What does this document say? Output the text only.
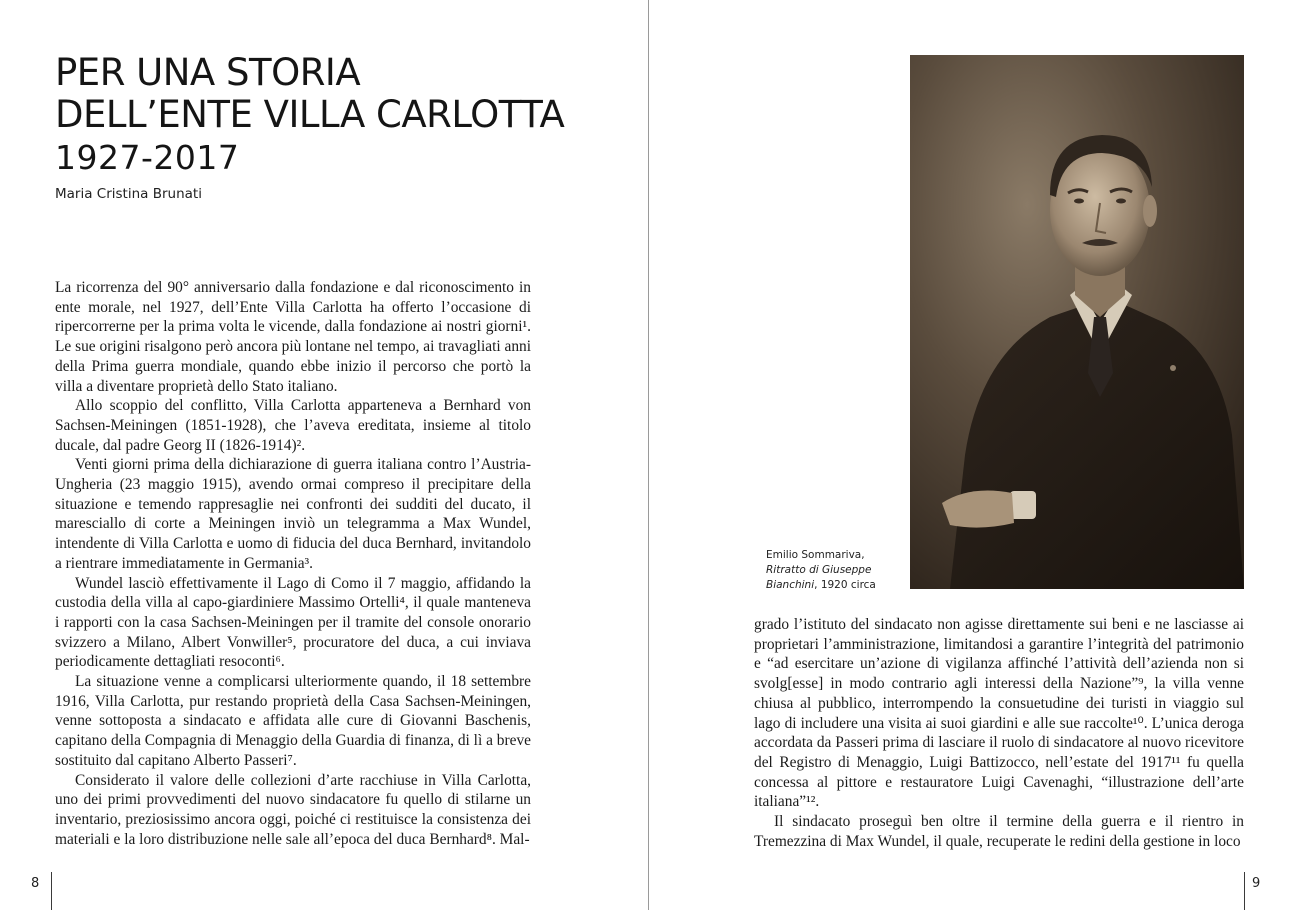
PER UNA STORIA
DELL’ENTE VILLA CARLOTTA
1927-2017
Maria Cristina Brunati

La ricorrenza del 90° anniversario dalla fondazione e dal riconoscimento in ente morale, nel 1927, dell’Ente Villa Carlotta ha offerto l’occasione di ripercorrerne per la prima volta le vicende, dalla fondazione ai nostri giorni¹. Le sue origini risalgono però ancora più lontane nel tempo, ai travagliati anni della Prima guerra mondiale, quando ebbe inizio il percorso che portò la villa a diventare proprietà dello Stato italiano.

Allo scoppio del conflitto, Villa Carlotta apparteneva a Bernhard von Sachsen-Meiningen (1851-1928), che l’aveva ereditata, insieme al titolo ducale, dal padre Georg II (1826-1914)².

Venti giorni prima della dichiarazione di guerra italiana contro l’Austria-Ungheria (23 maggio 1915), avendo ormai compreso il precipitare della situazione e temendo rappresaglie nei confronti dei sudditi del ducato, il maresciallo di corte a Meiningen inviò un telegramma a Max Wundel, intendente di Villa Carlotta e uomo di fiducia del duca Bernhard, invitandolo a rientrare immediatamente in Germania³.

Wundel lasciò effettivamente il Lago di Como il 7 maggio, affidando la custodia della villa al capo-giardiniere Massimo Ortelli⁴, il quale manteneva i rapporti con la casa Sachsen-Meiningen per il tramite del console onorario svizzero a Milano, Albert Vonwiller⁵, procuratore del duca, a cui inviava periodicamente dettagliati resoconti⁶.

La situazione venne a complicarsi ulteriormente quando, il 18 settembre 1916, Villa Carlotta, pur restando proprietà della Casa Sachsen-Meiningen, venne sottoposta a sindacato e affidata alle cure di Giovanni Baschenis, capitano della Compagnia di Menaggio della Guardia di finanza, di lì a breve sostituito dal capitano Alberto Passeri⁷.

Considerato il valore delle collezioni d’arte racchiuse in Villa Carlotta, uno dei primi provvedimenti del nuovo sindacatore fu quello di stilarne un inventario, preziosissimo ancora oggi, poiché ci restituisce la consistenza dei materiali e la loro distribuzione nelle sale all’epoca del duca Bernhard⁸. Mal-

8
Emilio Sommariva,
Ritratto di Giuseppe Bianchini, 1920 circa

grado l’istituto del sindacato non agisse direttamente sui beni e ne lasciasse ai proprietari l’amministrazione, limitandosi a garantire l’integrità del patrimonio e “ad esercitare un’azione di vigilanza affinché l’attività dell’azienda non si svolg[esse] in modo contrario agli interessi della Nazione”⁹, la villa venne chiusa al pubblico, interrompendo la consuetudine dei turisti in viaggio sul lago di includere una visita ai suoi giardini e alle sue raccolte¹⁰. L’unica deroga accordata da Passeri prima di lasciare il ruolo di sindacatore al nuovo ricevitore del Registro di Menaggio, Luigi Battizocco, nell’estate del 1917¹¹ fu quella concessa al pittore e restauratore Luigi Cavenaghi, “illustrazione dell’arte italiana”¹².

Il sindacato proseguì ben oltre il termine della guerra e il rientro in Tremezzina di Max Wundel, il quale, recuperate le redini della gestione in loco

9
